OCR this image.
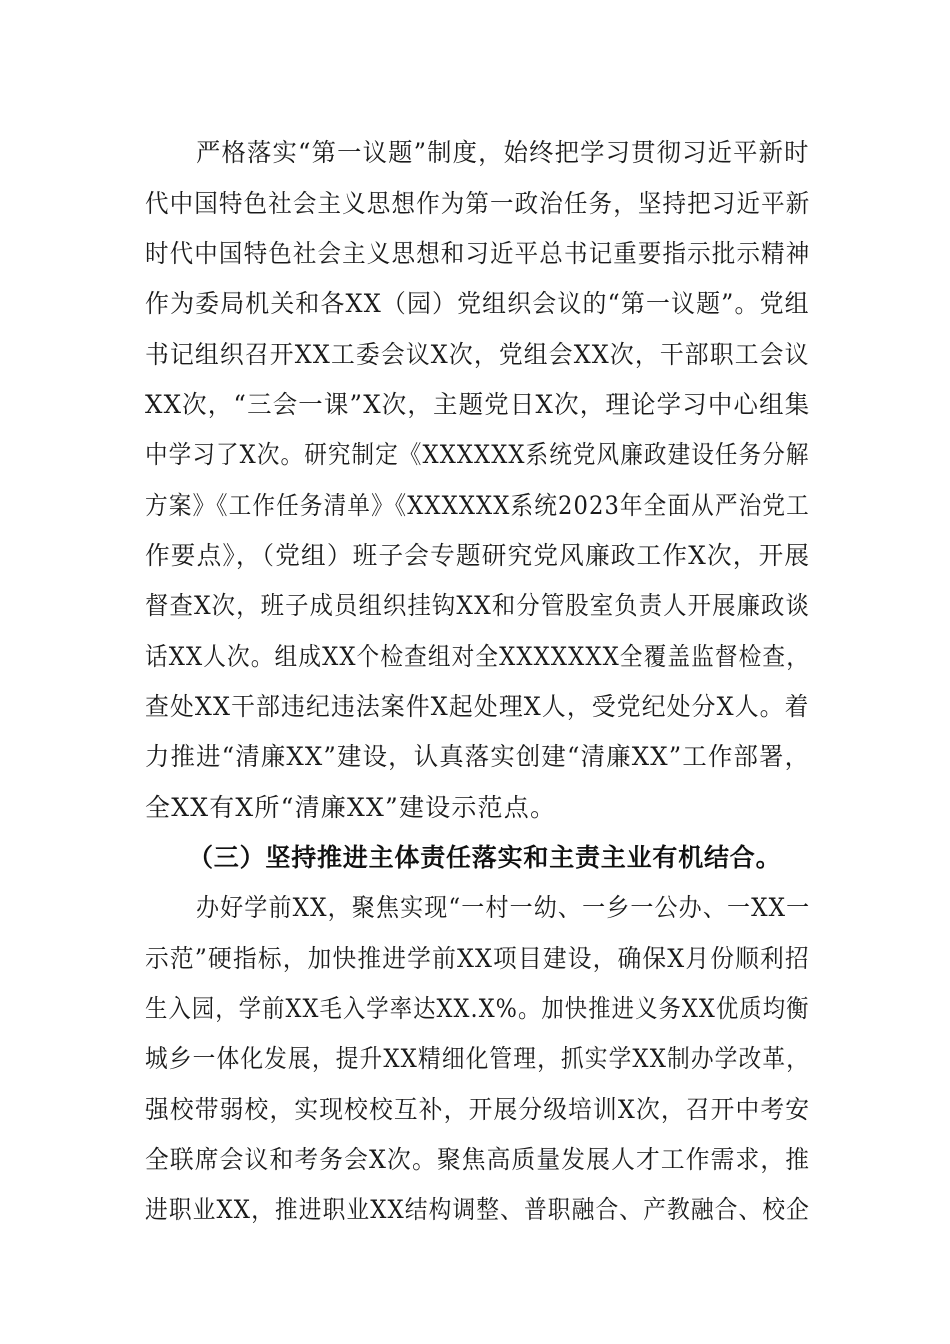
严格落实“第一议题”制度，始终把学习贯彻习近平新时
代中国特色社会主义思想作为第一政治任务，坚持把习近平新
时代中国特色社会主义思想和习近平总书记重要指示批示精神
作为委局机关和各XX（园）党组织会议的“第一议题”。党组
书记组织召开XX工委会议X次，党组会XX次，干部职工会议
XX次，“三会一课”X次，主题党日X次，理论学习中心组集
中学习了X次。研究制定《XXXXXX系统党风廉政建设任务分解
方案》《工作任务清单》《XXXXXX系统2023年全面从严治党工
作要点》，（党组）班子会专题研究党风廉政工作X次，开展
督查X次，班子成员组织挂钩XX和分管股室负责人开展廉政谈
话XX人次。组成XX个检查组对全XXXXXXX全覆盖监督检查，
查处XX干部违纪违法案件X起处理X人，受党纪处分X人。着
力推进“清廉XX”建设，认真落实创建“清廉XX”工作部署，
全XX有X所“清廉XX”建设示范点。
（三）坚持推进主体责任落实和主责主业有机结合。
办好学前XX，聚焦实现“一村一幼、一乡一公办、一XX一
示范”硬指标，加快推进学前XX项目建设，确保X月份顺利招
生入园，学前XX毛入学率达XX.X%。加快推进义务XX优质均衡
城乡一体化发展，提升XX精细化管理，抓实学XX制办学改革，
强校带弱校，实现校校互补，开展分级培训X次，召开中考安
全联席会议和考务会X次。聚焦高质量发展人才工作需求，推
进职业XX，推进职业XX结构调整、普职融合、产教融合、校企
